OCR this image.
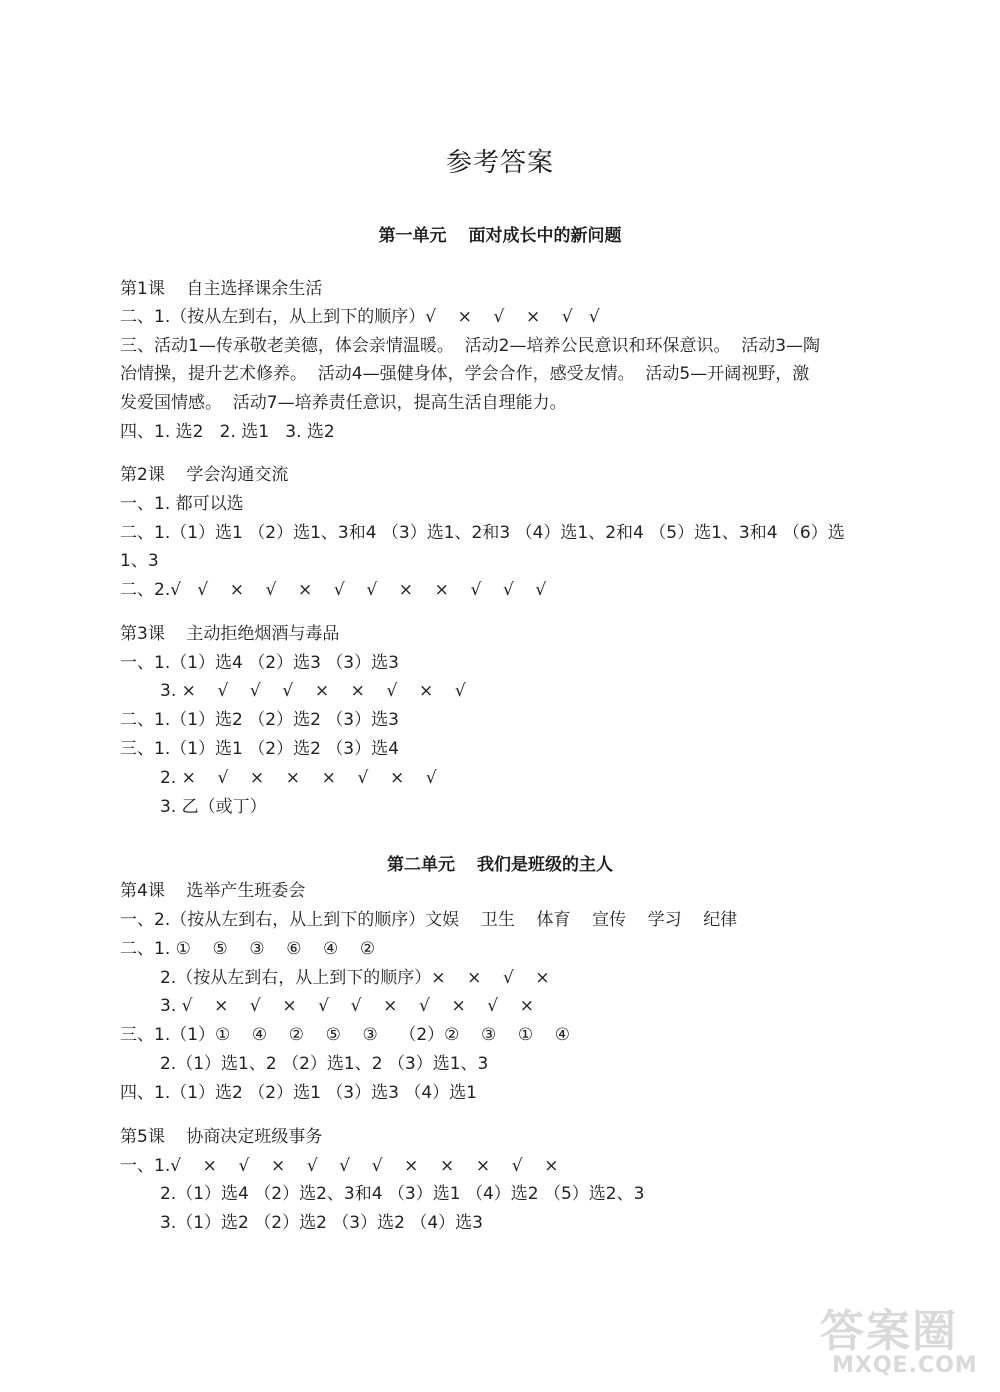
参考答案
第一单元 面对成长中的新问题
第1课    自主选择课余生活
二、1.（按从左到右，从上到下的顺序）√    ×    √    ×    √   √
三、活动1—传承敬老美德，体会亲情温暖。  活动2—培养公民意识和环保意识。  活动3—陶
冶情操，提升艺术修养。  活动4—强健身体，学会合作，感受友情。  活动5—开阔视野，激
发爱国情感。  活动7—培养责任意识，提高生活自理能力。
四、1. 选2   2. 选1   3. 选2
第2课    学会沟通交流
一、1. 都可以选
二、1.（1）选1 （2）选1、3和4 （3）选1、2和3 （4）选1、2和4 （5）选1、3和4 （6）选
1、3
二、2.√   √    ×    √    ×    √    √    ×    ×    √    √    √
第3课    主动拒绝烟酒与毒品
一、1.（1）选4 （2）选3 （3）选3
3. ×    √    √    √    ×    ×    √    ×    √
二、1.（1）选2 （2）选2 （3）选3
三、1.（1）选1 （2）选2 （3）选4
2. ×    √    ×    ×    ×    √    ×    √
3. 乙（或丁）
第二单元 我们是班级的主人
第4课    选举产生班委会
一、2.（按从左到右，从上到下的顺序）文娱    卫生    体育    宣传    学习    纪律
二、1. ①    ⑤    ③    ⑥    ④    ②
2.（按从左到右，从上到下的顺序）×    ×    √    ×
3. √    ×    √    ×    √    √    ×    √    ×    √    ×
三、1.（1）①    ④    ②    ⑤    ③    （2）②    ③    ①    ④
2.（1）选1、2 （2）选1、2 （3）选1、3
四、1.（1）选2 （2）选1 （3）选3 （4）选1
第5课    协商决定班级事务
一、1.√    ×    √    ×    √    √    √    ×    ×    ×    √    ×
2.（1）选4 （2）选2、3和4 （3）选1 （4）选2 （5）选2、3
3.（1）选2 （2）选2 （3）选2 （4）选3
答案圈
MXQE.COM
